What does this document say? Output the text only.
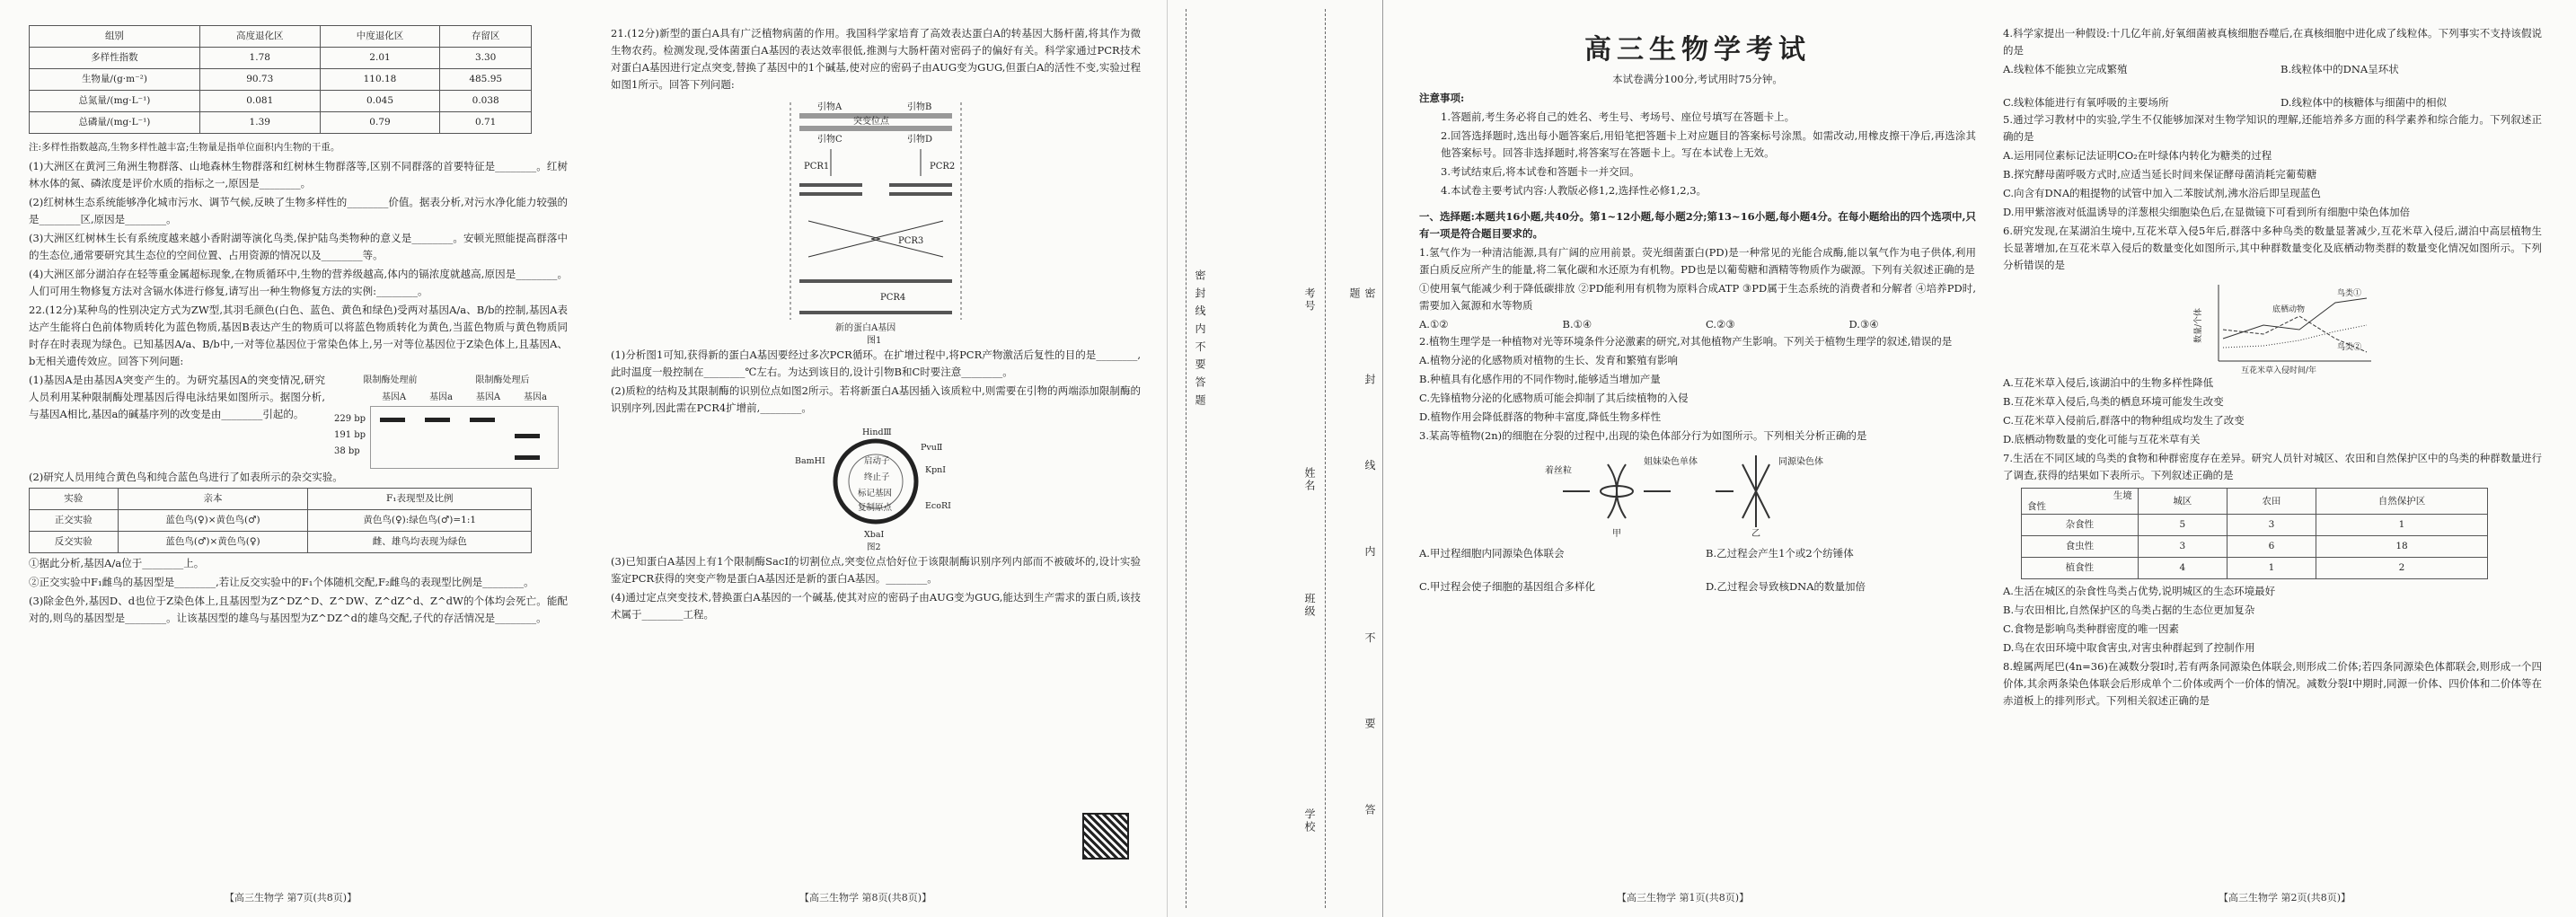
组别	高度退化区	中度退化区	存留区
多样性指数	1.78	2.01	3.30
生物量/(g·m⁻²)	90.73	110.18	485.95
总氮量/(mg·L⁻¹)	0.081	0.045	0.038
总磷量/(mg·L⁻¹)	1.39	0.79	0.71

注:多样性指数越高,生物多样性越丰富;生物量是指单位面积内生物的干重。

(1)大洲区在黄河三角洲生物群落、山地森林生物群落和红树林生物群落等,区别不同群落的首要特征是________。红树林水体的氮、磷浓度是评价水质的指标之一,原因是________。

(2)红树林生态系统能够净化城市污水、调节气候,反映了生物多样性的________价值。据表分析,对污水净化能力较强的是________区,原因是________。

(3)大洲区红树林生长有系统度越来越小香附湖等演化鸟类,保护陆鸟类物种的意义是________。安顿光照能提高群落中的生态位,通常要研究其生态位的空间位置、占用资源的情况以及________等。

(4)大洲区部分湖泊存在轻等重金属超标现象,在物质循环中,生物的营养级越高,体内的镉浓度就越高,原因是________。人们可用生物修复方法对含镉水体进行修复,请写出一种生物修复方法的实例:________。

22.(12分)某种鸟的性别决定方式为ZW型,其羽毛颜色(白色、蓝色、黄色和绿色)受两对基因A/a、B/b的控制,基因A表达产生能将白色前体物质转化为蓝色物质,基因B表达产生的物质可以将蓝色物质转化为黄色,当蓝色物质与黄色物质同时存在时表现为绿色。已知基因A/a、B/b中,一对等位基因位于常染色体上,另一对等位基因位于Z染色体上,且基因A、b无相关遗传效应。回答下列问题:

(1)基因A是由基因A突变产生的。为研究基因A的突变情况,研究人员利用某种限制酶处理基因后得电泳结果如图所示。据图分析,与基因A相比,基因a的碱基序列的改变是由________引起的。

限制酶处理前	限制酶处理后
基因A	基因a	基因A	基因a
229 bp
191 bp
38 bp

(2)研究人员用纯合黄色鸟和纯合蓝色鸟进行了如表所示的杂交实验。

实验	亲本	F₁表现型及比例
正交实验	蓝色鸟(♀)×黄色鸟(♂)	黄色鸟(♀):绿色鸟(♂)=1:1
反交实验	蓝色鸟(♂)×黄色鸟(♀)	雌、雄鸟均表现为绿色

①据此分析,基因A/a位于________上。

②正交实验中F₁雌鸟的基因型是________,若让反交实验中的F₁个体随机交配,F₂雌鸟的表现型比例是________。

(3)除金色外,基因D、d也位于Z染色体上,且基因型为Z^DZ^D、Z^DW、Z^dZ^d、Z^dW的个体均会死亡。能配对的,则鸟的基因型是________。让该基因型的雄鸟与基因型为Z^DZ^d的雄鸟交配,子代的存活情况是________。

【高三生物学 第7页(共8页)】

21.(12分)新型的蛋白A具有广泛植物病菌的作用。我国科学家培育了高效表达蛋白A的转基因大肠杆菌,将其作为微生物农药。检测发现,受体菌蛋白A基因的表达效率很低,推测与大肠杆菌对密码子的偏好有关。科学家通过PCR技术对蛋白A基因进行定点突变,替换了基因中的1个碱基,使对应的密码子由AUG变为GUG,但蛋白A的活性不变,实验过程如图1所示。回答下列问题:

引物A	引物B
突变位点
引物C	引物D
PCR1	PCR2
PCR3
PCR4
新的蛋白A基因
图1

(1)分析图1可知,获得新的蛋白A基因要经过多次PCR循环。在扩增过程中,将PCR产物激活后复性的目的是________,此时温度一般控制在________℃左右。为达到该目的,设计引物B和C时要注意________。

(2)质粒的结构及其限制酶的识别位点如图2所示。若将新蛋白A基因插入该质粒中,则需要在引物的两端添加限制酶的识别序列,因此需在PCR4扩增前,________。

HindⅢ
BamHⅠ
PvuⅡ
KpnⅠ
EcoRⅠ
启动子
终止子
标记基因
复制原点
XbaⅠ
图2

(3)已知蛋白A基因上有1个限制酶SacⅠ的切割位点,突变位点恰好位于该限制酶识别序列内部而不被破坏的,设计实验鉴定PCR获得的突变产物是蛋白A基因还是新的蛋白A基因。________。

(4)通过定点突变技术,替换蛋白A基因的一个碱基,使其对应的密码子由AUG变为GUG,能达到生产需求的蛋白质,该技术属于________工程。

【高三生物学 第8页(共8页)】
密 封 线 内 不 要 答 题	密 封 线 内 不 要 答 题
考号
姓名
班级
学校
高三生物学考试

本试卷满分100分,考试用时75分钟。

注意事项:

1.答题前,考生务必将自己的姓名、考生号、考场号、座位号填写在答题卡上。

2.回答选择题时,选出每小题答案后,用铅笔把答题卡上对应题目的答案标号涂黑。如需改动,用橡皮擦干净后,再选涂其他答案标号。回答非选择题时,将答案写在答题卡上。写在本试卷上无效。

3.考试结束后,将本试卷和答题卡一并交回。

4.本试卷主要考试内容:人教版必修1,2,选择性必修1,2,3。

一、选择题:本题共16小题,共40分。第1~12小题,每小题2分;第13~16小题,每小题4分。在每小题给出的四个选项中,只有一项是符合题目要求的。

1.氢气作为一种清洁能源,具有广阔的应用前景。荧光细菌蛋白(PD)是一种常见的光能合成酶,能以氧气作为电子供体,利用蛋白质反应所产生的能量,将二氧化碳和水还原为有机物。PD也是以葡萄糖和酒精等物质作为碳源。下列有关叙述正确的是

①使用氧气能减少利于降低碳排放 ②PD能利用有机物为原料合成ATP ③PD属于生态系统的消费者和分解者 ④培养PD时,需要加入氮源和水等物质

A.①②	B.①④	C.②③	D.③④

2.植物生理学是一种植物对光等环境条件分泌激素的研究,对其他植物产生影响。下列关于植物生理学的叙述,错误的是

A.植物分泌的化感物质对植物的生长、发育和繁殖有影响

B.种植具有化感作用的不同作物时,能够适当增加产量

C.先锋植物分泌的化感物质可能会抑制了其后续植物的入侵

D.植物作用会降低群落的物种丰富度,降低生物多样性

3.某高等植物(2n)的细胞在分裂的过程中,出现的染色体部分行为如图所示。下列相关分析正确的是

甲	乙
着丝粒
姐妹染色单体	同源染色体
A.甲过程细胞内同源染色体联会	B.乙过程会产生1个或2个纺锤体
C.甲过程会使子细胞的基因组合多样化	D.乙过程会导致核DNA的数量加倍
【高三生物学 第1页(共8页)】

4.科学家提出一种假设:十几亿年前,好氧细菌被真核细胞吞噬后,在真核细胞中进化成了线粒体。下列事实不支持该假说的是

A.线粒体不能独立完成繁殖	B.线粒体中的DNA呈环状
C.线粒体能进行有氧呼吸的主要场所	D.线粒体中的核糖体与细菌中的相似

5.通过学习教材中的实验,学生不仅能够加深对生物学知识的理解,还能培养多方面的科学素养和综合能力。下列叙述正确的是

A.运用同位素标记法证明CO₂在叶绿体内转化为糖类的过程

B.探究酵母菌呼吸方式时,应适当延长时间来保证酵母菌消耗完葡萄糖

C.向含有DNA的粗提物的试管中加入二苯胺试剂,沸水浴后即呈现蓝色

D.用甲紫溶液对低温诱导的洋葱根尖细胞染色后,在显微镜下可看到所有细胞中染色体加倍

6.研究发现,在某湖泊生境中,互花米草入侵5年后,群落中多种鸟类的数量显著减少,互花米草入侵后,湖泊中高层植物生长显著增加,在互花米草入侵后的数量变化如图所示,其中种群数量变化及底栖动物类群的数量变化情况如图所示。下列分析错误的是

鸟类①
鸟类②
底栖动物
互花米草入侵时间/年
数量/个体

A.互花米草入侵后,该湖泊中的生物多样性降低

B.互花米草入侵后,鸟类的栖息环境可能发生改变

C.互花米草入侵前后,群落中的物种组成均发生了改变

D.底栖动物数量的变化可能与互花米草有关

7.生活在不同区域的鸟类的食物和种群密度存在差异。研究人员针对城区、农田和自然保护区中的鸟类的种群数量进行了调查,获得的结果如下表所示。下列叙述正确的是

生境
食性	城区	农田	自然保护区
杂食性	5	3	1
食虫性	3	6	18
植食性	4	1	2

A.生活在城区的杂食性鸟类占优势,说明城区的生态环境最好

B.与农田相比,自然保护区的鸟类占据的生态位更加复杂

C.食物是影响鸟类种群密度的唯一因素

D.鸟在农田环境中取食害虫,对害虫种群起到了控制作用

8.蝗属两尾巴(4n=36)在减数分裂I时,若有两条同源染色体联会,则形成二价体;若四条同源染色体都联会,则形成一个四价体,其余两条染色体联会后形成单个二价体或两个一价体的情况。减数分裂I中期时,同源一价体、四价体和二价体等在赤道板上的排列形式。下列相关叙述正确的是

【高三生物学 第2页(共8页)】
